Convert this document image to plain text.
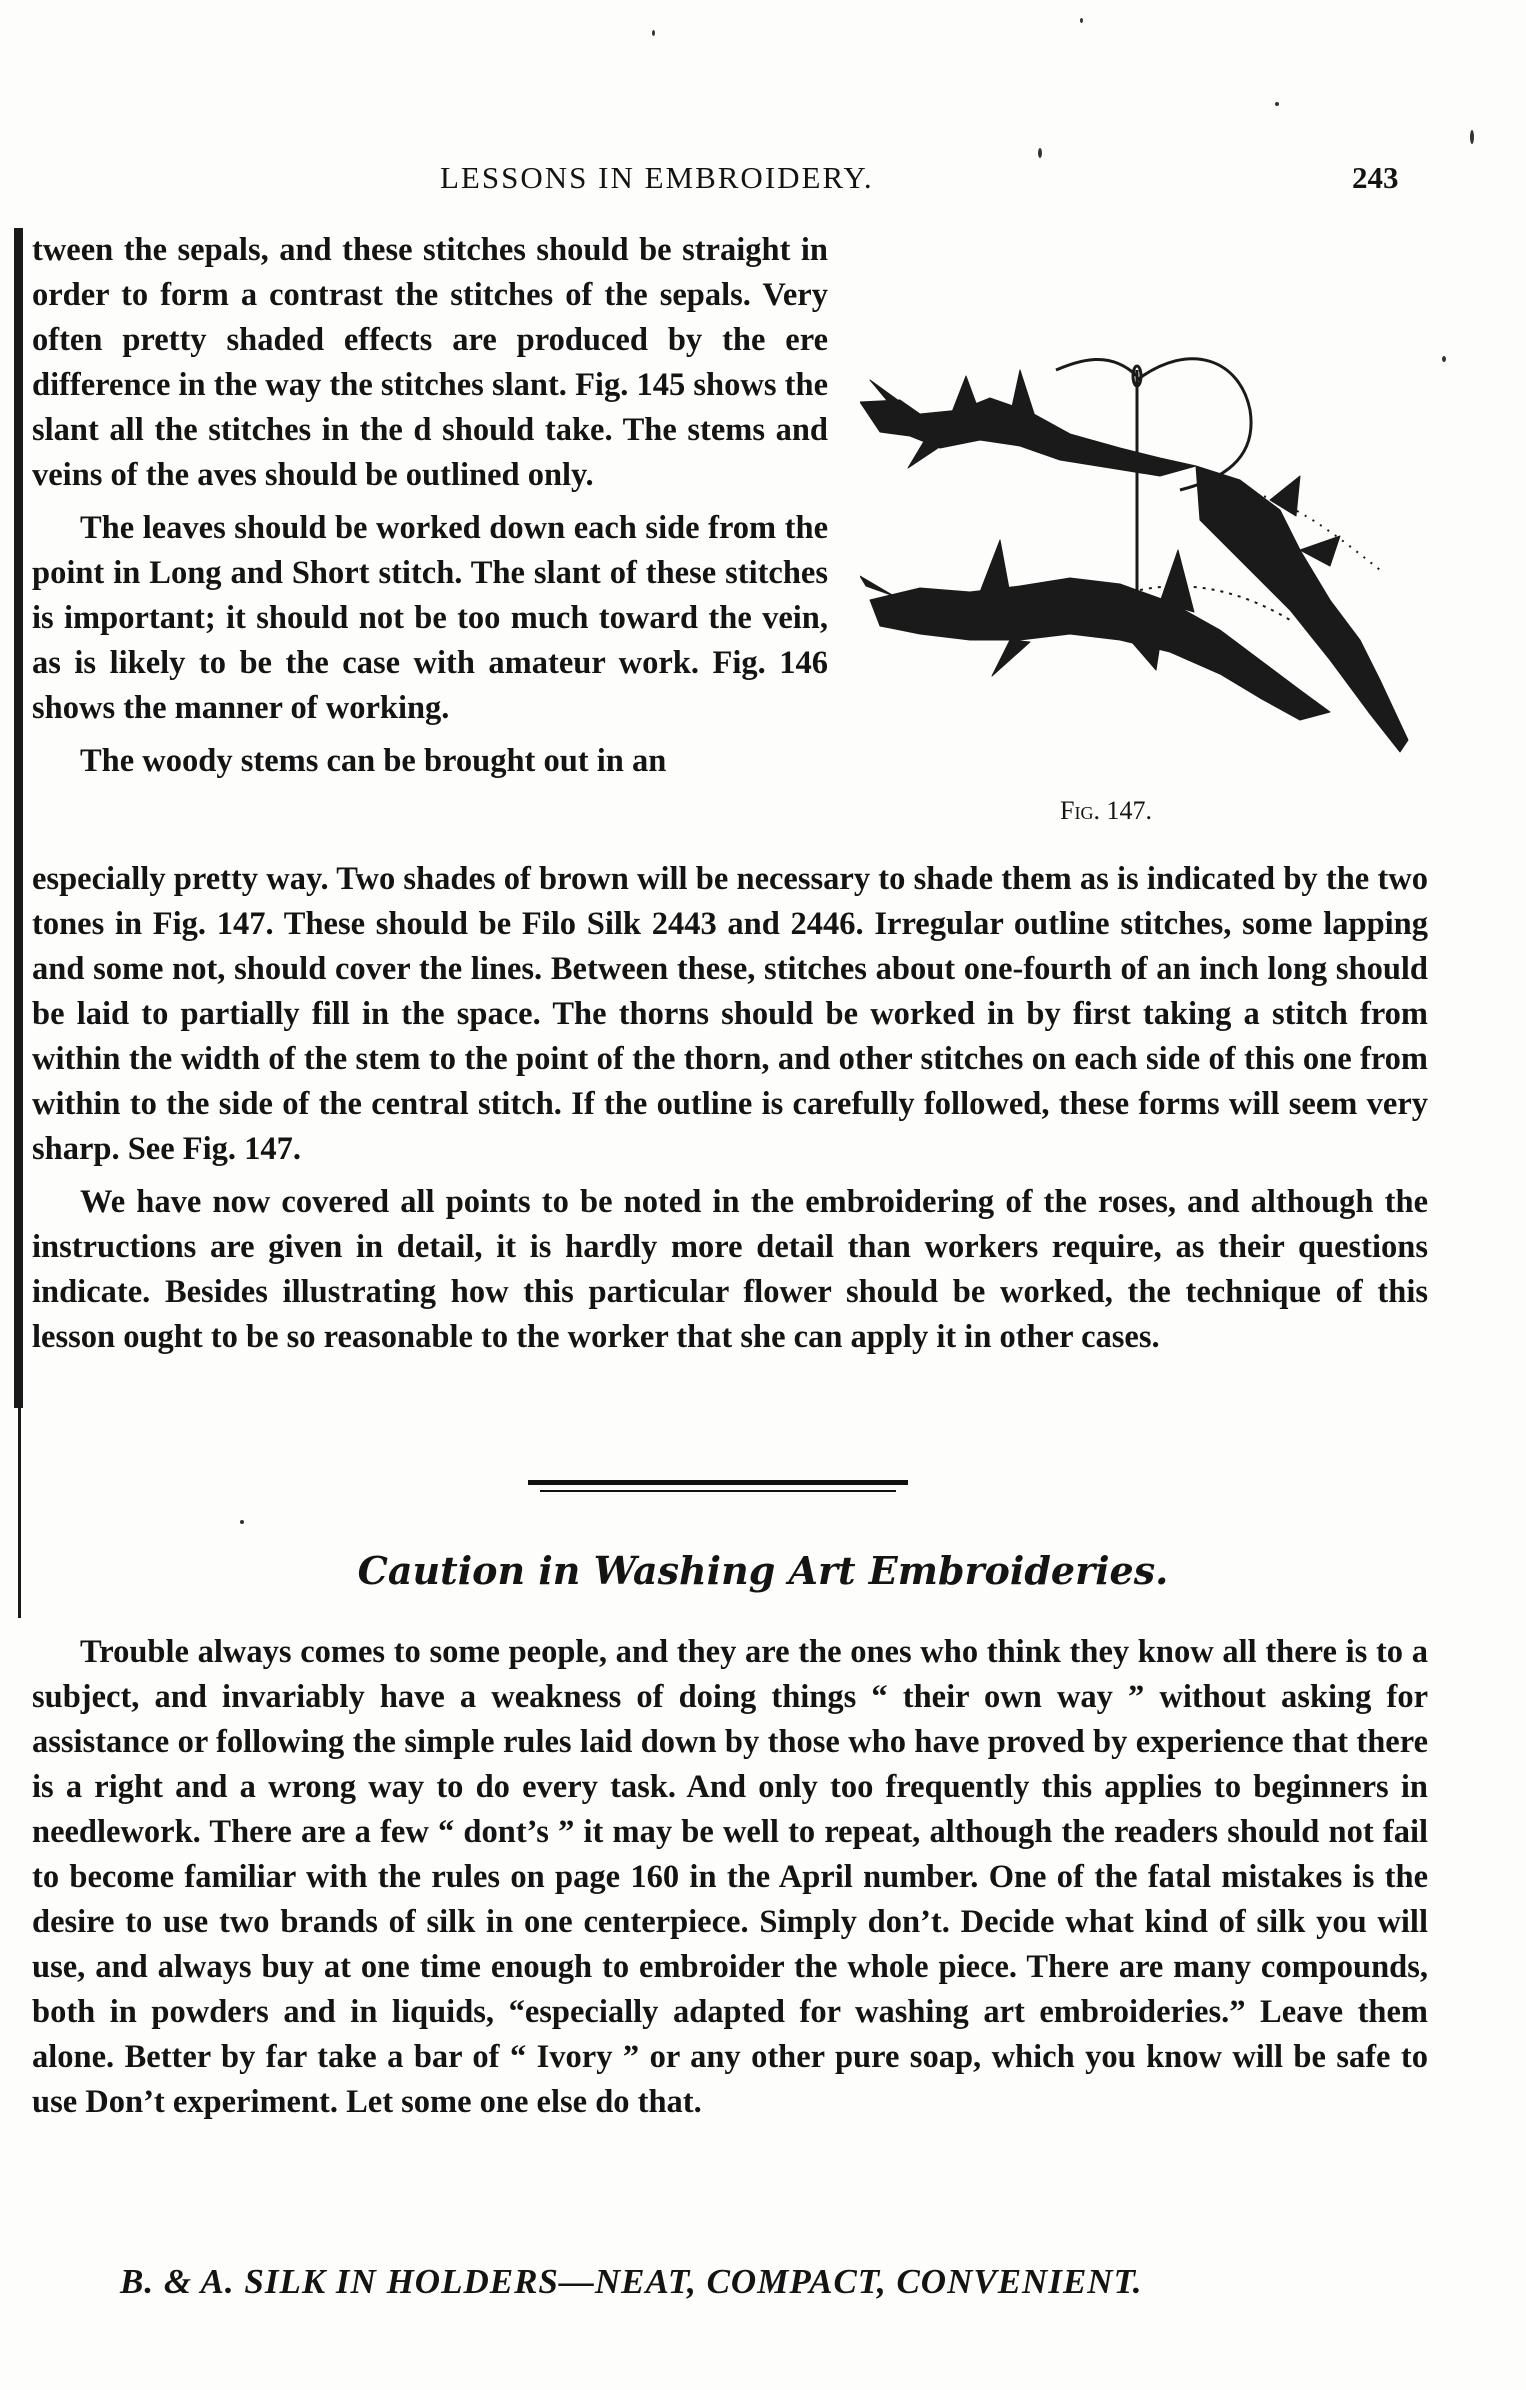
LESSONS IN EMBROIDERY.	243

tween the sepals, and these stitches should be straight in order to form a contrast the stitches of the sepals. Very often pretty shaded effects are produced by the ere difference in the way the stitches slant. Fig. 145 shows the slant all the stitches in the d should take. The stems and veins of the aves should be outlined only.

The leaves should be worked down each side from the point in Long and Short stitch. The slant of these stitches is important; it should not be too much toward the vein, as is likely to be the case with amateur work. Fig. 146 shows the manner of working.

The woody stems can be brought out in an

Fig. 147.

especially pretty way. Two shades of brown will be necessary to shade them as is indicated by the two tones in Fig. 147. These should be Filo Silk 2443 and 2446. Irregular outline stitches, some lapping and some not, should cover the lines. Between these, stitches about one-fourth of an inch long should be laid to partially fill in the space. The thorns should be worked in by first taking a stitch from within the width of the stem to the point of the thorn, and other stitches on each side of this one from within to the side of the central stitch. If the outline is carefully followed, these forms will seem very sharp. See Fig. 147.

We have now covered all points to be noted in the embroidering of the roses, and although the instructions are given in detail, it is hardly more detail than workers require, as their questions indicate. Besides illustrating how this particular flower should be worked, the technique of this lesson ought to be so reasonable to the worker that she can apply it in other cases.

Caution in Washing Art Embroideries.

Trouble always comes to some people, and they are the ones who think they know all there is to a subject, and invariably have a weakness of doing things “ their own way ” without asking for assistance or following the simple rules laid down by those who have proved by experience that there is a right and a wrong way to do every task. And only too frequently this applies to beginners in needlework. There are a few “ dont’s ” it may be well to repeat, although the readers should not fail to become familiar with the rules on page 160 in the April number. One of the fatal mistakes is the desire to use two brands of silk in one centerpiece. Simply don’t. Decide what kind of silk you will use, and always buy at one time enough to embroider the whole piece. There are many compounds, both in powders and in liquids, “especially adapted for washing art embroideries.” Leave them alone. Better by far take a bar of “ Ivory ” or any other pure soap, which you know will be safe to use Don’t experiment. Let some one else do that.

B. & A. SILK IN HOLDERS—NEAT, COMPACT, CONVENIENT.
